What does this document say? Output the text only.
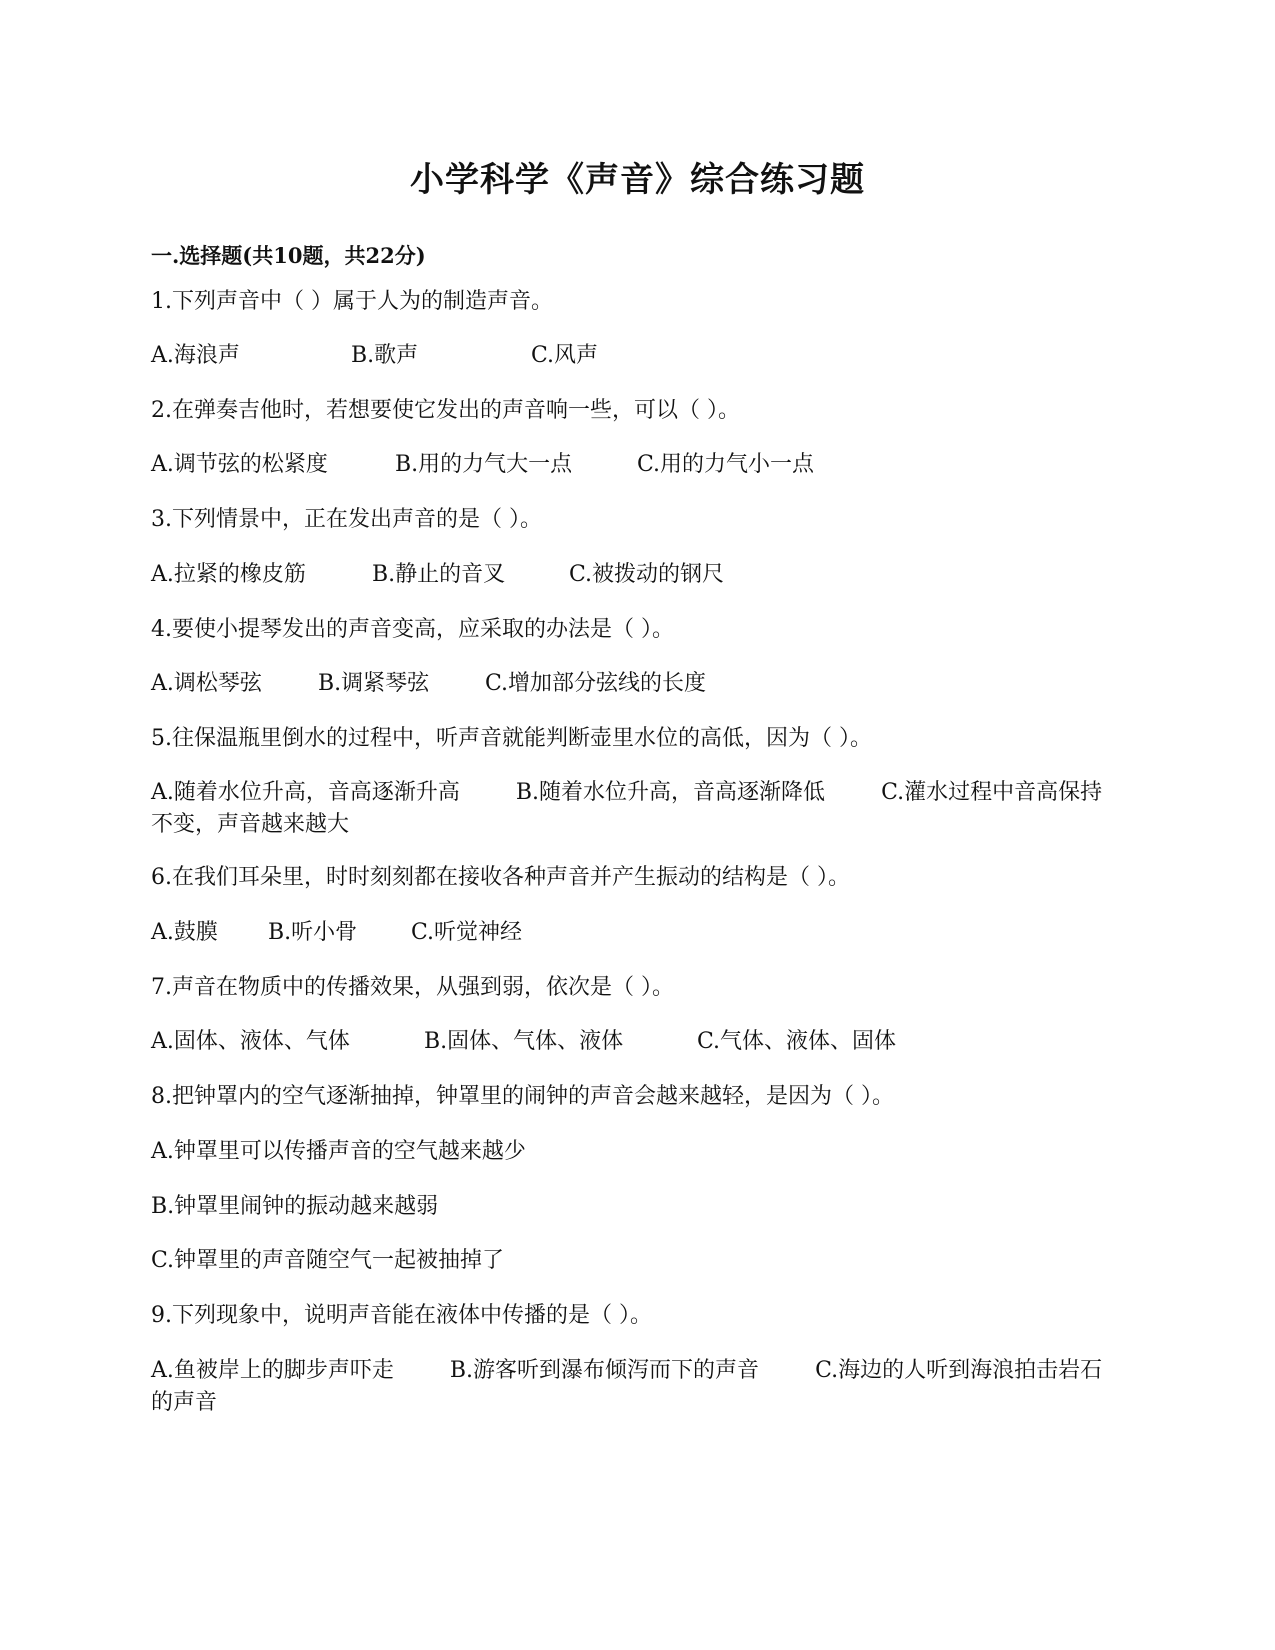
小学科学《声音》综合练习题
一.选择题(共10题，共22分)

1.下列声音中（ ）属于人为的制造声音。

A.海浪声	B.歌声	C.风声

2.在弹奏吉他时，若想要使它发出的声音响一些，可以（ ）。

A.调节弦的松紧度	B.用的力气大一点	C.用的力气小一点

3.下列情景中，正在发出声音的是（ ）。

A.拉紧的橡皮筋	B.静止的音叉	C.被拨动的钢尺

4.要使小提琴发出的声音变高，应采取的办法是（ ）。

A.调松琴弦	B.调紧琴弦	C.增加部分弦线的长度

5.往保温瓶里倒水的过程中，听声音就能判断壶里水位的高低，因为（ ）。

A.随着水位升高，音高逐渐升高	B.随着水位升高，音高逐渐降低	C.灌水过程中音高保持不变，声音越来越大

6.在我们耳朵里，时时刻刻都在接收各种声音并产生振动的结构是（ ）。

A.鼓膜 B.听小骨 C.听觉神经

7.声音在物质中的传播效果，从强到弱，依次是（ ）。

A.固体、液体、气体	B.固体、气体、液体	C.气体、液体、固体

8.把钟罩内的空气逐渐抽掉，钟罩里的闹钟的声音会越来越轻，是因为（ ）。

A.钟罩里可以传播声音的空气越来越少

B.钟罩里闹钟的振动越来越弱

C.钟罩里的声音随空气一起被抽掉了

9.下列现象中，说明声音能在液体中传播的是（ ）。

A.鱼被岸上的脚步声吓走	B.游客听到瀑布倾泻而下的声音	C.海边的人听到海浪拍击岩石的声音
